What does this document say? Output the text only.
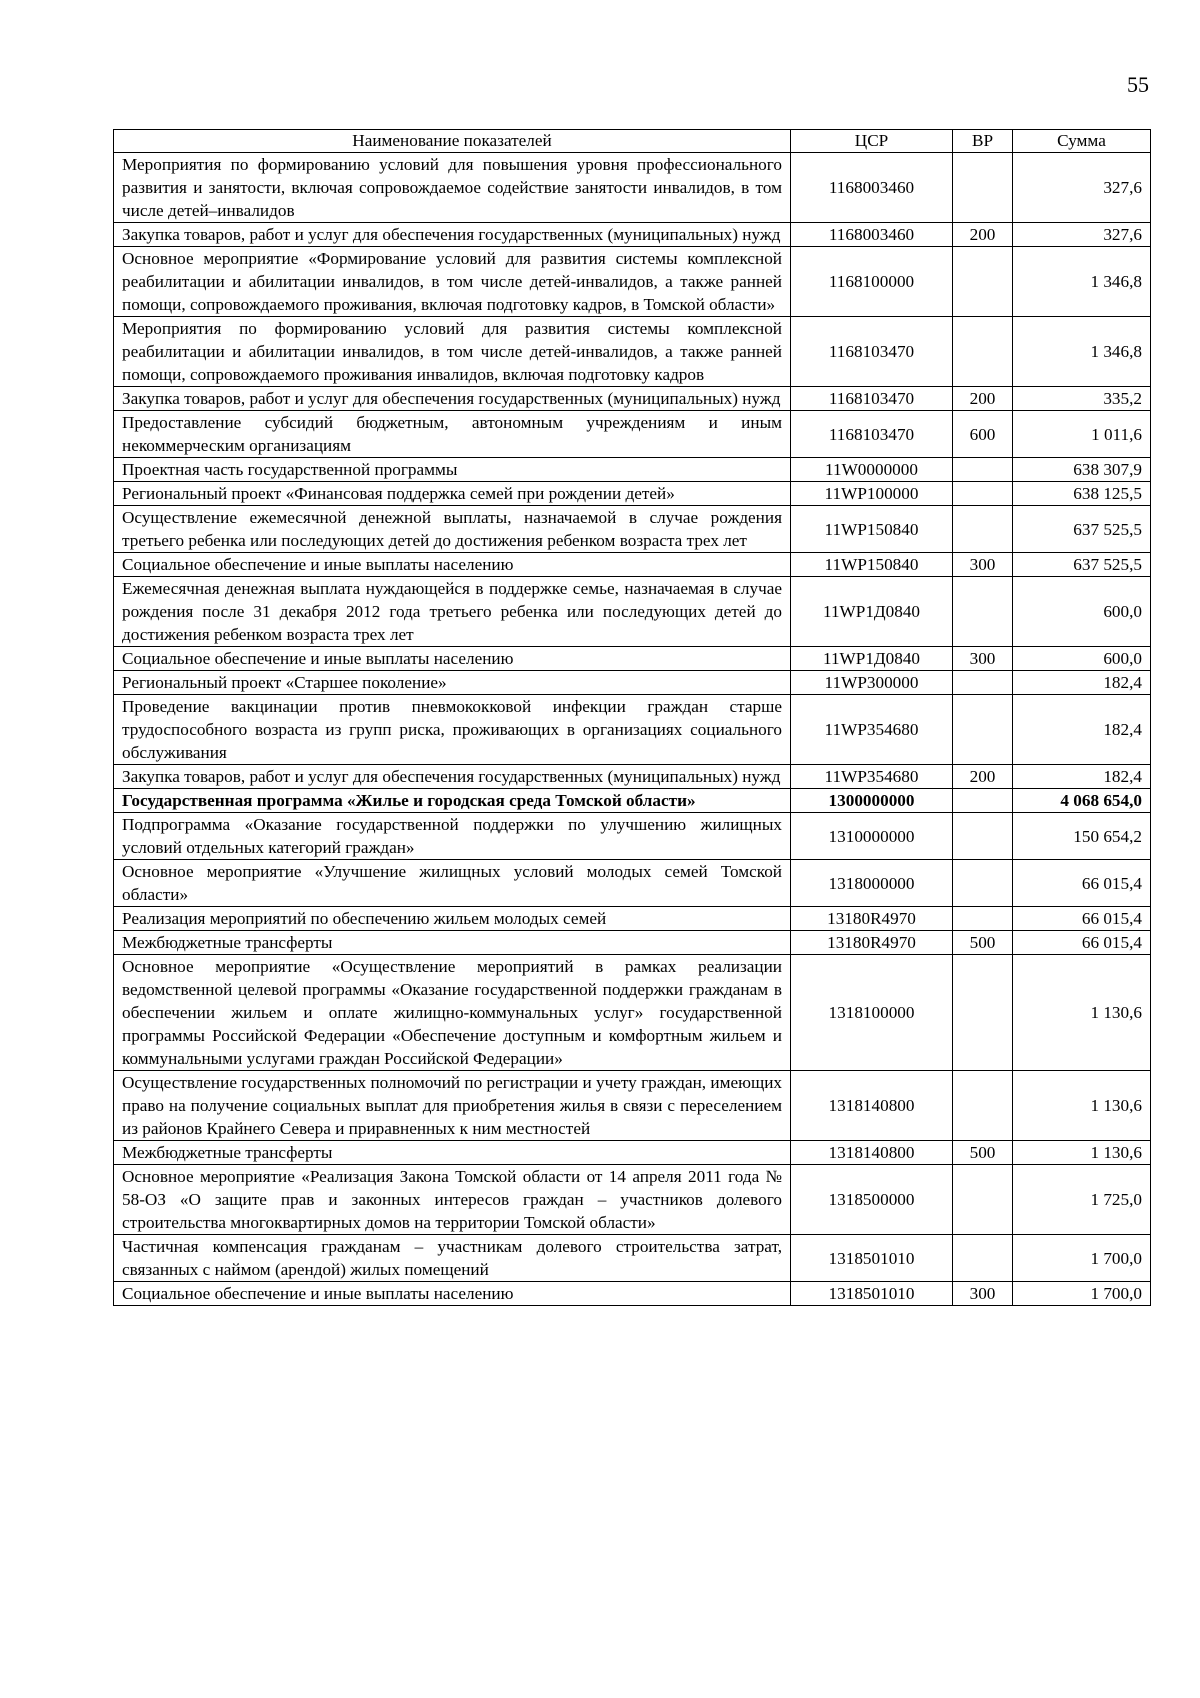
55
Наименование показателей	ЦСР	ВР	Сумма
Мероприятия по формированию условий для повышения уровня профессионального развития и занятости, включая сопровождаемое содействие занятости инвалидов, в том числе детей–инвалидов	1168003460		327,6
Закупка товаров, работ и услуг для обеспечения государственных (муниципальных) нужд	1168003460	200	327,6
Основное мероприятие «Формирование условий для развития системы комплексной реабилитации и абилитации инвалидов, в том числе детей-инвалидов, а также ранней помощи, сопровождаемого проживания, включая подготовку кадров, в Томской области»	1168100000		1 346,8
Мероприятия по формированию условий для развития системы комплексной реабилитации и абилитации инвалидов, в том числе детей-инвалидов, а также ранней помощи, сопровождаемого проживания инвалидов, включая подготовку кадров	1168103470		1 346,8
Закупка товаров, работ и услуг для обеспечения государственных (муниципальных) нужд	1168103470	200	335,2
Предоставление субсидий бюджетным, автономным учреждениям и иным некоммерческим организациям	1168103470	600	1 011,6
Проектная часть государственной программы	11W0000000		638 307,9
Региональный проект «Финансовая поддержка семей при рождении детей»	11WP100000		638 125,5
Осуществление ежемесячной денежной выплаты, назначаемой в случае рождения третьего ребенка или последующих детей до достижения ребенком возраста трех лет	11WP150840		637 525,5
Социальное обеспечение и иные выплаты населению	11WP150840	300	637 525,5
Ежемесячная денежная выплата нуждающейся в поддержке семье, назначаемая в случае рождения после 31 декабря 2012 года третьего ребенка или последующих детей до достижения ребенком возраста трех лет	11WP1Д0840		600,0
Социальное обеспечение и иные выплаты населению	11WP1Д0840	300	600,0
Региональный проект «Старшее поколение»	11WP300000		182,4
Проведение вакцинации против пневмококковой инфекции граждан старше трудоспособного возраста из групп риска, проживающих в организациях социального обслуживания	11WP354680		182,4
Закупка товаров, работ и услуг для обеспечения государственных (муниципальных) нужд	11WP354680	200	182,4
Государственная программа «Жилье и городская среда Томской области»	1300000000		4 068 654,0
Подпрограмма «Оказание государственной поддержки по улучшению жилищных условий отдельных категорий граждан»	1310000000		150 654,2
Основное мероприятие «Улучшение жилищных условий молодых семей Томской области»	1318000000		66 015,4
Реализация мероприятий по обеспечению жильем молодых семей	13180R4970		66 015,4
Межбюджетные трансферты	13180R4970	500	66 015,4
Основное мероприятие «Осуществление мероприятий в рамках реализации ведомственной целевой программы «Оказание государственной поддержки гражданам в обеспечении жильем и оплате жилищно-коммунальных услуг» государственной программы Российской Федерации «Обеспечение доступным и комфортным жильем и коммунальными услугами граждан Российской Федерации»	1318100000		1 130,6
Осуществление государственных полномочий по регистрации и учету граждан, имеющих право на получение социальных выплат для приобретения жилья в связи с переселением из районов Крайнего Севера и приравненных к ним местностей	1318140800		1 130,6
Межбюджетные трансферты	1318140800	500	1 130,6
Основное мероприятие «Реализация Закона Томской области от 14 апреля 2011 года № 58-ОЗ «О защите прав и законных интересов граждан – участников долевого строительства многоквартирных домов на территории Томской области»	1318500000		1 725,0
Частичная компенсация гражданам – участникам долевого строительства затрат, связанных с наймом (арендой) жилых помещений	1318501010		1 700,0
Социальное обеспечение и иные выплаты населению	1318501010	300	1 700,0
